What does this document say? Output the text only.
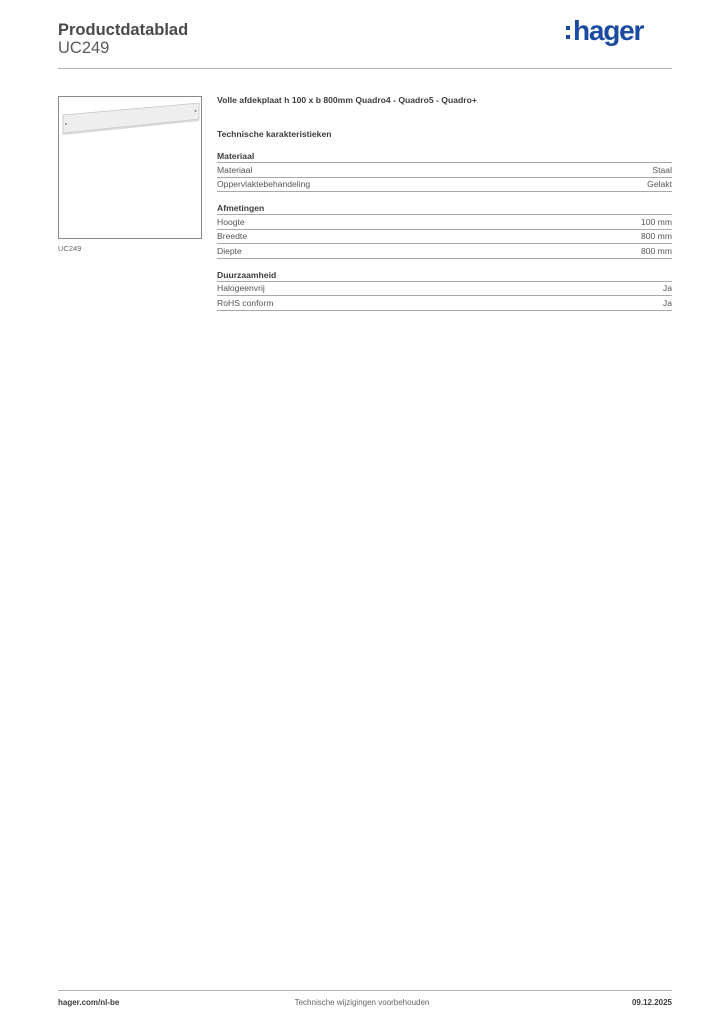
Productdatablad
UC249
hager
UC249
Volle afdekplaat h 100 x b 800mm Quadro4 - Quadro5 - Quadro+
Technische karakteristieken
Materiaal
Materiaal	Staal
Oppervlaktebehandeling	Gelakt
Afmetingen
Hoogte	100 mm
Breedte	800 mm
Diepte	800 mm
Duurzaamheid
Halogeenvrij	Ja
RoHS conform	Ja
hager.com/nl-be	Technische wijzigingen voorbehouden	09.12.2025
